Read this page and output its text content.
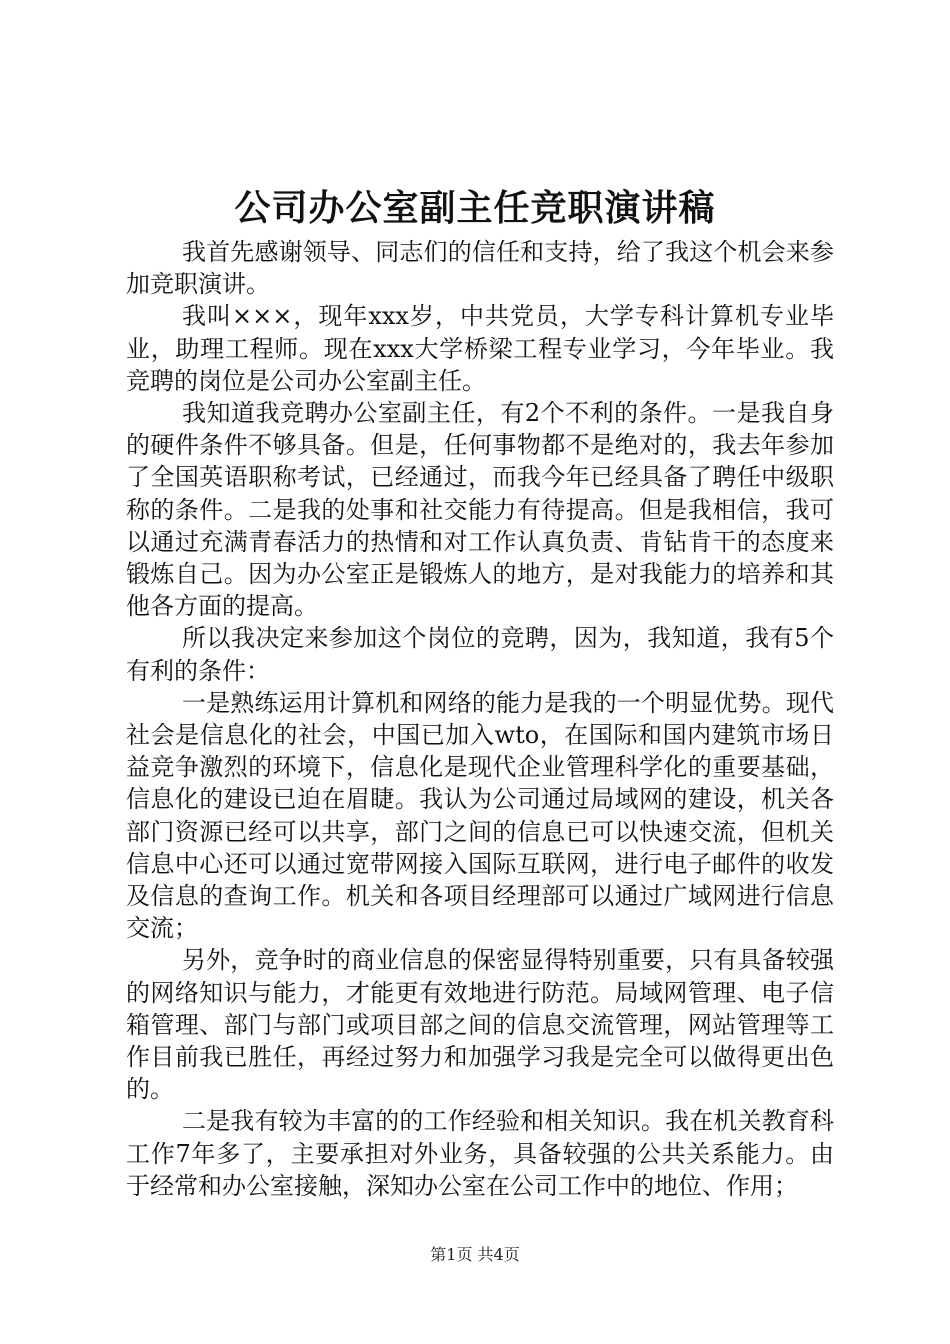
公司办公室副主任竞职演讲稿

我首先感谢领导、同志们的信任和支持，给了我这个机会来参加竞职演讲。

我叫×××，现年xxx岁，中共党员，大学专科计算机专业毕业，助理工程师。现在xxx大学桥梁工程专业学习，今年毕业。我竞聘的岗位是公司办公室副主任。

我知道我竞聘办公室副主任，有2个不利的条件。一是我自身的硬件条件不够具备。但是，任何事物都不是绝对的，我去年参加了全国英语职称考试，已经通过，而我今年已经具备了聘任中级职称的条件。二是我的处事和社交能力有待提高。但是我相信，我可以通过充满青春活力的热情和对工作认真负责、肯钻肯干的态度来锻炼自己。因为办公室正是锻炼人的地方，是对我能力的培养和其他各方面的提高。

所以我决定来参加这个岗位的竞聘，因为，我知道，我有5个有利的条件：

一是熟练运用计算机和网络的能力是我的一个明显优势。现代社会是信息化的社会，中国已加入wto，在国际和国内建筑市场日益竞争激烈的环境下，信息化是现代企业管理科学化的重要基础，信息化的建设已迫在眉睫。我认为公司通过局域网的建设，机关各部门资源已经可以共享，部门之间的信息已可以快速交流，但机关信息中心还可以通过宽带网接入国际互联网，进行电子邮件的收发及信息的查询工作。机关和各项目经理部可以通过广域网进行信息交流；

另外，竞争时的商业信息的保密显得特别重要，只有具备较强的网络知识与能力，才能更有效地进行防范。局域网管理、电子信箱管理、部门与部门或项目部之间的信息交流管理，网站管理等工作目前我已胜任，再经过努力和加强学习我是完全可以做得更出色的。

二是我有较为丰富的的工作经验和相关知识。我在机关教育科工作7年多了，主要承担对外业务，具备较强的公共关系能力。由于经常和办公室接触，深知办公室在公司工作中的地位、作用；

第1页 共4页
